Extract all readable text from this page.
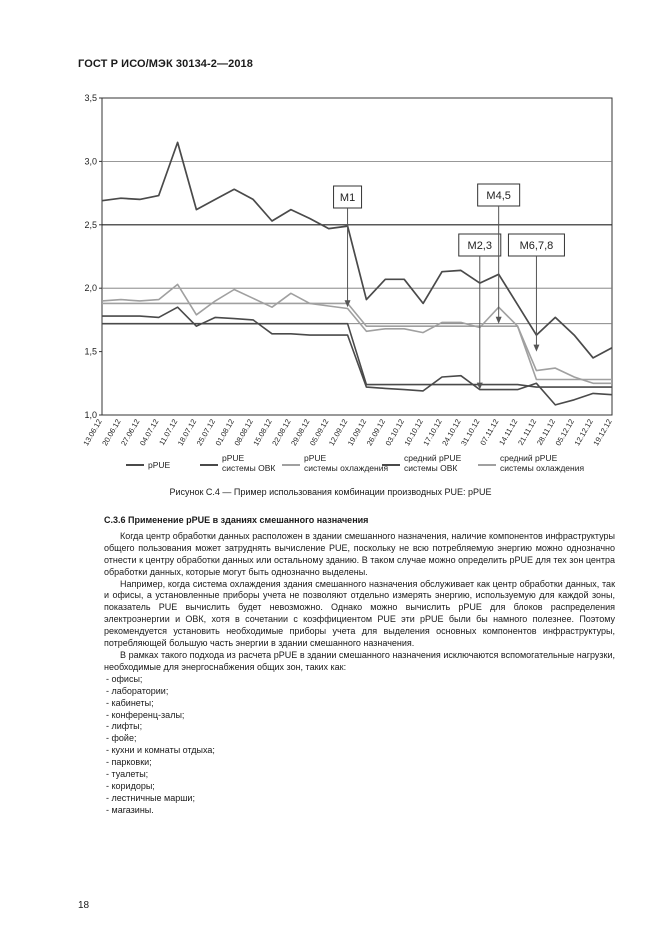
ГОСТ Р ИСО/МЭК 30134-2—2018
1,0
1,5
2,0
2,5
3,0
3,5
13.06.12
20.06.12
27.06.12
04.07.12
11.07.12
18.07.12
25.07.12
01.08.12
08.08.12
15.08.12
22.08.12
29.08.12
05.09.12
12.09.12
19.09.12
26.09.12
03.10.12
10.10.12
17.10.12
24.10.12
31.10.12
07.11.12
14.11.12
21.11.12
28.11.12
05.12.12
12.12.12
19.12.12
M1
M2,3
M4,5
M6,7,8
pPUE
pPUE
системы ОВК
pPUE
системы охлаждения
средний pPUE
системы ОВК
средний pPUE
системы охлаждения
Рисунок С.4 — Пример использования комбинации производных PUE: pPUE

С.3.6 Применение pPUE в зданиях смешанного назначения

Когда центр обработки данных расположен в здании смешанного назначения, наличие компонентов инфраструктуры общего пользования может затруднять вычисление PUE, поскольку не всю потребляемую энергию можно однозначно отнести к центру обработки данных или остальному зданию. В таком случае можно определить pPUE для тех зон центра обработки данных, которые могут быть однозначно выделены.

Например, когда система охлаждения здания смешанного назначения обслуживает как центр обработки данных, так и офисы, а установленные приборы учета не позволяют отдельно измерять энергию, используемую для каждой зоны, показатель PUE вычислить будет невозможно. Однако можно вычислить pPUE для блоков распределения электроэнергии и ОВК, хотя в сочетании с коэффициентом PUE эти pPUE были бы намного полезнее. Поэтому рекомендуется установить необходимые приборы учета для выделения основных компонентов инфраструктуры, потребляющей большую часть энергии в здании смешанного назначения.

В рамках такого подхода из расчета pPUE в здании смешанного назначения исключаются вспомогательные нагрузки, необходимые для энергоснабжения общих зон, таких как:

- офисы;
- лаборатории;
- кабинеты;
- конференц-залы;
- лифты;
- фойе;
- кухни и комнаты отдыха;
- парковки;
- туалеты;
- коридоры;
- лестничные марши;
- магазины.
18
